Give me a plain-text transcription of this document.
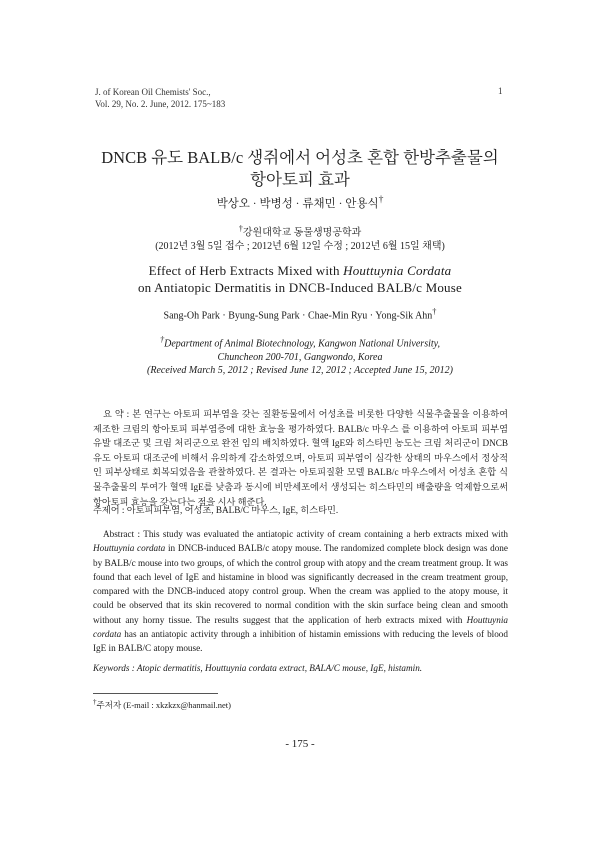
J. of Korean Oil Chemists' Soc.,
Vol. 29, No. 2. June, 2012. 175~183
1
DNCB 유도 BALB/c 생쥐에서 어성초 혼합 한방추출물의
항아토피 효과
박상오 · 박병성 · 류채민 · 안용식†
†강원대학교 동물생명공학과
(2012년 3월 5일 접수 ; 2012년 6월 12일 수정 ; 2012년 6월 15일 채택)
Effect of Herb Extracts Mixed with Houttuynia Cordata
on Antiatopic Dermatitis in DNCB-Induced BALB/c Mouse
Sang-Oh Park · Byung-Sung Park · Chae-Min Ryu · Yong-Sik Ahn†
†Department of Animal Biotechnology, Kangwon National University,
Chuncheon 200-701, Gangwondo, Korea
(Received March 5, 2012 ; Revised June 12, 2012 ; Accepted June 15, 2012)
요 약 : 본 연구는 아토피 피부염을 갖는 질환동물에서 어성초를 비롯한 다양한 식물추출물을 이용하여 제조한 크림의 항아토피 피부염증에 대한 효능을 평가하였다. BALB/c 마우스 를 이용하여 아토피 피부염 유발 대조군 및 크림 처리군으로 완전 임의 배치하였다. 혈액 IgE와 히스타민 농도는 크림 처리군이 DNCB 유도 아토피 대조군에 비해서 유의하게 감소하였으며, 아토피 피부염이 심각한 상태의 마우스에서 정상적인 피부상태로 회복되었음을 관찰하였다. 본 결과는 아토피질환 모델 BALB/c 마우스에서 어성초 혼합 식물추출물의 투여가 혈액 IgE를 낮춤과 동시에 비만세포에서 생성되는 히스타민의 배출량을 억제함으로써 항아토피 효능을 갖는다는 점을 시사 해준다.
주제어 : 아토피피부염, 어성초, BALB/C 마우스, IgE, 히스타민.
Abstract : This study was evaluated the antiatopic activity of cream containing a herb extracts mixed with Houttuynia cordata in DNCB-induced BALB/c atopy mouse. The randomized complete block design was done by BALB/c mouse into two groups, of which the control group with atopy and the cream treatment group. It was found that each level of IgE and histamine in blood was significantly decreased in the cream treatment group, compared with the DNCB-induced atopy control group. When the cream was applied to the atopy mouse, it could be observed that its skin recovered to normal condition with the skin surface being clean and smooth without any horny tissue. The results suggest that the application of herb extracts mixed with Houttuynia cordata has an antiatopic activity through a inhibition of histamin emissions with reducing the levels of blood IgE in BALB/C atopy mouse.
Keywords : Atopic dermatitis, Houttuynia cordata extract, BALA/C mouse, IgE, histamin.
†주저자 (E-mail : xkzkzx@hanmail.net)
- 175 -
